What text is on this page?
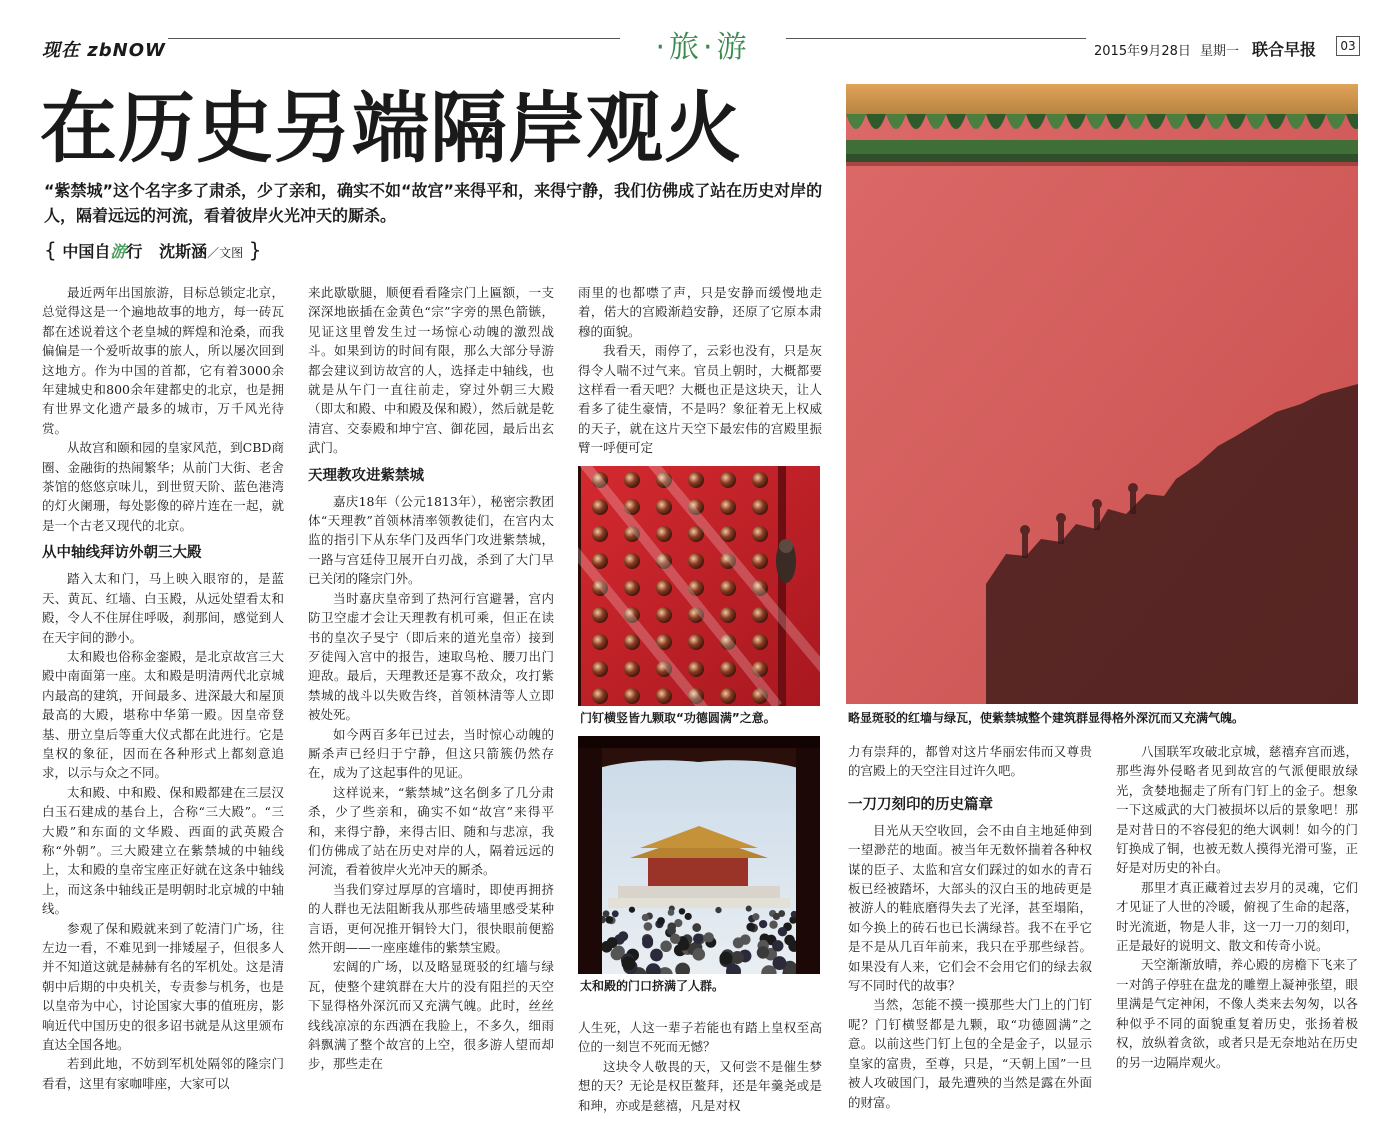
现在 zbNOW	·旅·游	2015年9月28日 星期一 联合早报	03
在历史另端隔岸观火
“紫禁城”这个名字多了肃杀，少了亲和，确实不如“故宫”来得平和，来得宁静，我们仿佛成了站在历史对岸的人，隔着远远的河流，看着彼岸火光冲天的厮杀。
{ 中国自游行 沈斯涵／文图 }

最近两年出国旅游，目标总锁定北京，总觉得这是一个遍地故事的地方，每一砖瓦都在述说着这个老皇城的辉煌和沧桑，而我偏偏是一个爱听故事的旅人，所以屡次回到这地方。作为中国的首都，它有着3000余年建城史和800余年建都史的北京，也是拥有世界文化遗产最多的城市，万千风光待赏。

从故宫和颐和园的皇家风范，到CBD商圈、金融街的热闹繁华；从前门大街、老舍茶馆的悠悠京味儿，到世贸天阶、蓝色港湾的灯火阑珊，每处影像的碎片连在一起，就是一个古老又现代的北京。

从中轴线拜访外朝三大殿

踏入太和门，马上映入眼帘的，是蓝天、黄瓦、红墙、白玉殿，从远处望看太和殿，令人不住屏住呼吸，刹那间，感觉到人在天宇间的渺小。

太和殿也俗称金銮殿，是北京故宫三大殿中南面第一座。太和殿是明清两代北京城内最高的建筑，开间最多、进深最大和屋顶最高的大殿，堪称中华第一殿。因皇帝登基、册立皇后等重大仪式都在此进行。它是皇权的象征，因而在各种形式上都刻意追求，以示与众之不同。

太和殿、中和殿、保和殿都建在三层汉白玉石建成的基台上，合称“三大殿”。“三大殿”和东面的文华殿、西面的武英殿合称“外朝”。三大殿建立在紫禁城的中轴线上，太和殿的皇帝宝座正好就在这条中轴线上，而这条中轴线正是明朝时北京城的中轴线。

参观了保和殿就来到了乾清门广场，往左边一看，不难见到一排矮屋子，但很多人并不知道这就是赫赫有名的军机处。这是清朝中后期的中央机关，专责参与机务，也是以皇帝为中心，讨论国家大事的值班房，影响近代中国历史的很多诏书就是从这里颁布直达全国各地。

若到此地，不妨到军机处隔邻的隆宗门看看，这里有家咖啡座，大家可以

来此歇歇腿，顺便看看隆宗门上匾额，一支深深地嵌插在金黄色“宗”字旁的黑色箭镞，见证这里曾发生过一场惊心动魄的激烈战斗。如果到访的时间有限，那么大部分导游都会建议到访故宫的人，选择走中轴线，也就是从午门一直往前走，穿过外朝三大殿（即太和殿、中和殿及保和殿），然后就是乾清宫、交泰殿和坤宁宫、御花园，最后出玄武门。

天理教攻进紫禁城

嘉庆18年（公元1813年），秘密宗教团体“天理教”首领林清率领教徒们，在宫内太监的指引下从东华门及西华门攻进紫禁城，一路与宫廷侍卫展开白刃战，杀到了大门早已关闭的隆宗门外。

当时嘉庆皇帝到了热河行宫避暑，宫内防卫空虚才会让天理教有机可乘，但正在读书的皇次子旻宁（即后来的道光皇帝）接到歹徒闯入宫中的报告，速取鸟枪、腰刀出门迎敌。最后，天理教还是寡不敌众，攻打紫禁城的战斗以失败告终，首领林清等人立即被处死。

如今两百多年已过去，当时惊心动魄的厮杀声已经归于宁静，但这只箭簇仍然存在，成为了这起事件的见证。

这样说来，“紫禁城”这名倒多了几分肃杀，少了些亲和，确实不如“故宫”来得平和，来得宁静，来得古旧、随和与悲凉，我们仿佛成了站在历史对岸的人，隔着远远的河流，看着彼岸火光冲天的厮杀。

当我们穿过厚厚的宫墙时，即使再拥挤的人群也无法阻断我从那些砖墙里感受某种言语，更何况推开铜铃大门，很快眼前便豁然开朗——一座座雄伟的紫禁宝殿。

宏阔的广场，以及略显斑驳的红墙与绿瓦，使整个建筑群在大片的没有阻拦的天空下显得格外深沉而又充满气魄。此时，丝丝线线凉凉的东西洒在我脸上，不多久，细雨斜飘满了整个故宫的上空，很多游人望而却步，那些走在

雨里的也都噤了声，只是安静而缓慢地走着，偌大的宫殿渐趋安静，还原了它原本肃穆的面貌。

我看天，雨停了，云彩也没有，只是灰得令人喘不过气来。官员上朝时，大概都要这样看一看天吧？大概也正是这块天，让人看多了徒生豪情，不是吗？象征着无上权威的天子，就在这片天空下最宏伟的宫殿里振臂一呼便可定

门钉横竖皆九颗取“功德圆满”之意。
太和殿的门口挤满了人群。

人生死，人这一辈子若能也有踏上皇权至高位的一刻岂不死而无憾？

这块令人敬畏的天，又何尝不是催生梦想的天？无论是权臣鳌拜，还是年羹尧或是和珅，亦或是慈禧，凡是对权

略显斑驳的红墙与绿瓦，使紫禁城整个建筑群显得格外深沉而又充满气魄。

力有崇拜的，都曾对这片华丽宏伟而又尊贵的宫殿上的天空注目过许久吧。

一刀刀刻印的历史篇章

目光从天空收回，会不由自主地延伸到一望渺茫的地面。被当年无数怀揣着各种权谋的臣子、太监和宫女们踩过的如水的青石板已经被踏坏，大部头的汉白玉的地砖更是被游人的鞋底磨得失去了光泽，甚至塌陷，如今换上的砖石也已长满绿苔。我不在乎它是不是从几百年前来，我只在乎那些绿苔。如果没有人来，它们会不会用它们的绿去叙写不同时代的故事？

当然，怎能不摸一摸那些大门上的门钉呢？门钉横竖都是九颗，取“功德圆满”之意。以前这些门钉上包的全是金子，以显示皇家的富贵，至尊，只是，“天朝上国”一旦被人攻破国门，最先遭殃的当然是露在外面的财富。

八国联军攻破北京城，慈禧弃宫而逃，那些海外侵略者见到故宫的气派便眼放绿光，贪婪地掘走了所有门钉上的金子。想象一下这威武的大门被损坏以后的景象吧！那是对昔日的不容侵犯的绝大讽刺！如今的门钉换成了铜，也被无数人摸得光滑可鉴，正好是对历史的补白。

那里才真正藏着过去岁月的灵魂，它们才见证了人世的冷暖，俯视了生命的起落，时光流逝，物是人非，这一刀一刀的刻印，正是最好的说明文、散文和传奇小说。

天空渐渐放晴，养心殿的房檐下飞来了一对鸽子停驻在盘龙的雕塑上凝神张望，眼里满是气定神闲，不像人类来去匆匆，以各种似乎不同的面貌重复着历史，张扬着极权，放纵着贪欲，或者只是无奈地站在历史的另一边隔岸观火。
